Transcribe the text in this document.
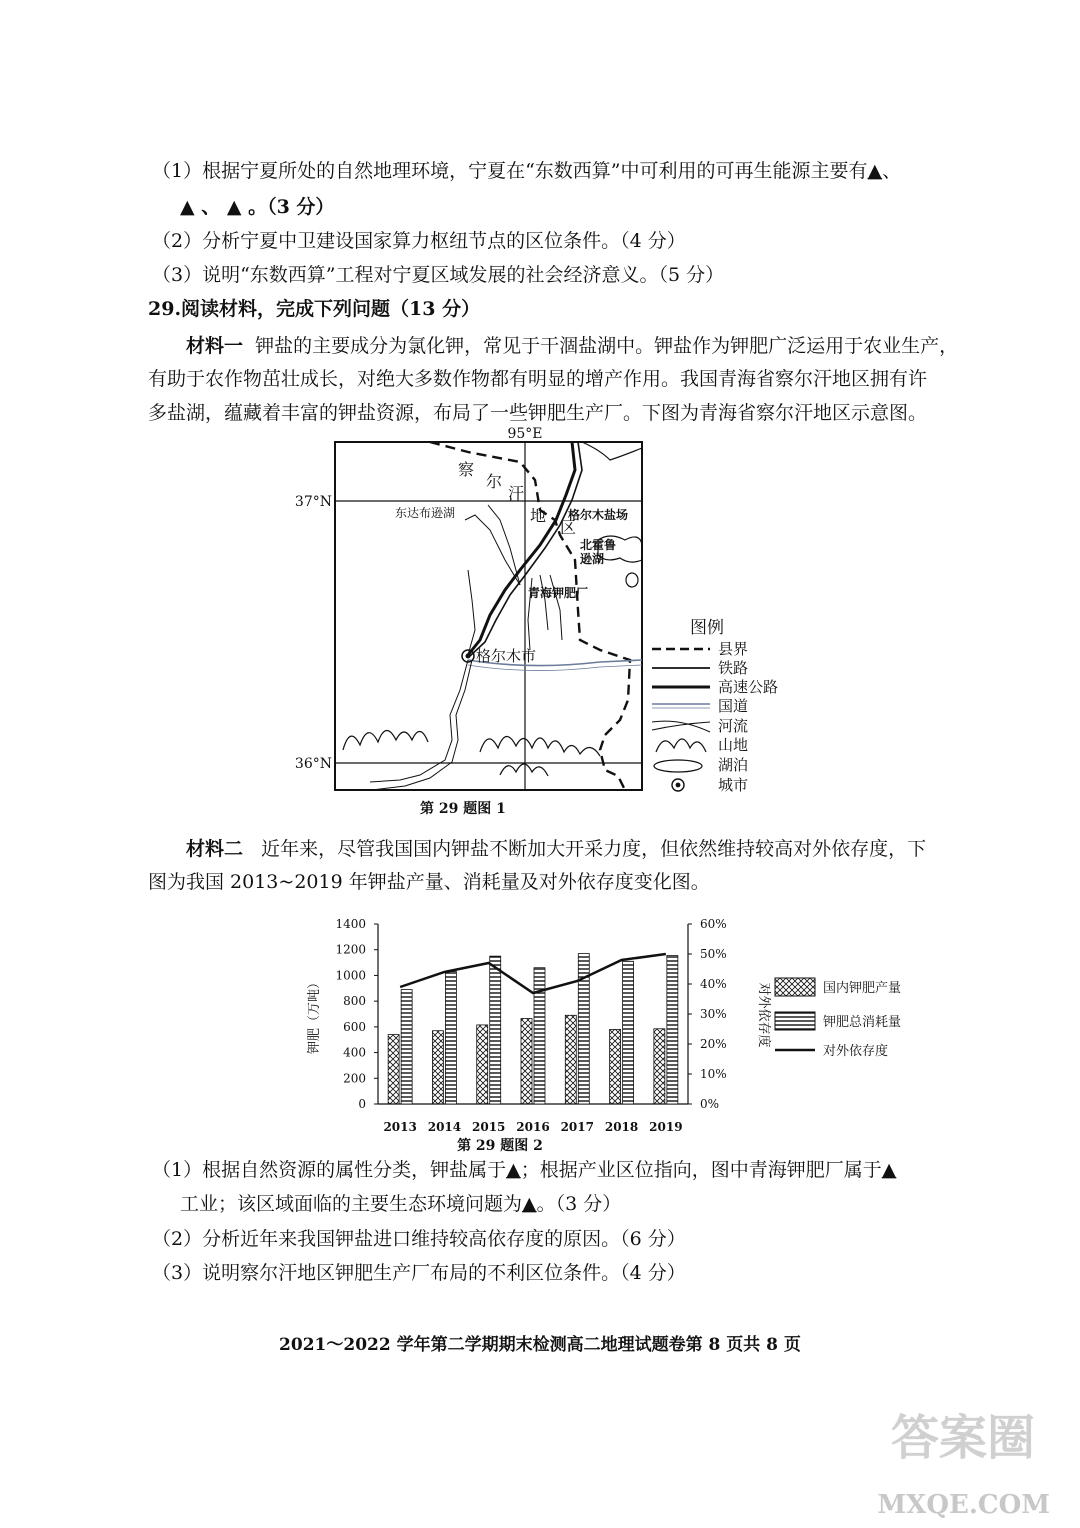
（1）根据宁夏所处的自然地理环境，宁夏在“东数西算”中可利用的可再生能源主要有▲、
▲ 、 ▲ 。（3 分）
（2）分析宁夏中卫建设国家算力枢纽节点的区位条件。（4 分）
（3）说明“东数西算”工程对宁夏区域发展的社会经济意义。（5 分）
29.阅读材料，完成下列问题（13 分）
材料一 钾盐的主要成分为氯化钾，常见于干涸盐湖中。钾盐作为钾肥广泛运用于农业生产，
有助于农作物茁壮成长，对绝大多数作物都有明显的增产作用。我国青海省察尔汗地区拥有许
多盐湖，蕴藏着丰富的钾盐资源，布局了一些钾肥生产厂。下图为青海省察尔汗地区示意图。
95°E
37°N
36°N
察
尔
汗
地
区
东达布逊湖	格尔木盐场
北霍鲁
逊湖
青海钾肥厂
格尔木市
第 29 题图 1
图例
县界
铁路
高速公路
国道
河流
山地
湖泊
城市
材料二 近年来，尽管我国国内钾盐不断加大开采力度，但依然维持较高对外依存度，下
图为我国 2013~2019 年钾盐产量、消耗量及对外依存度变化图。
0
200
400
600
800
1000
1200
1400
0%
10%
20%
30%
40%
50%
60%
2013 2014 2015 2016 2017 2018 2019
钾肥（万吨）	对外依存度	国内钾肥产量
钾肥总消耗量
对外依存度
第 29 题图 2
（1）根据自然资源的属性分类，钾盐属于▲；根据产业区位指向，图中青海钾肥厂属于▲
工业；该区域面临的主要生态环境问题为▲。（3 分）
（2）分析近年来我国钾盐进口维持较高依存度的原因。（6 分）
（3）说明察尔汗地区钾肥生产厂布局的不利区位条件。（4 分）
2021～2022 学年第二学期期末检测高二地理试题卷第 8 页共 8 页
答案圈
MXQE.COM
